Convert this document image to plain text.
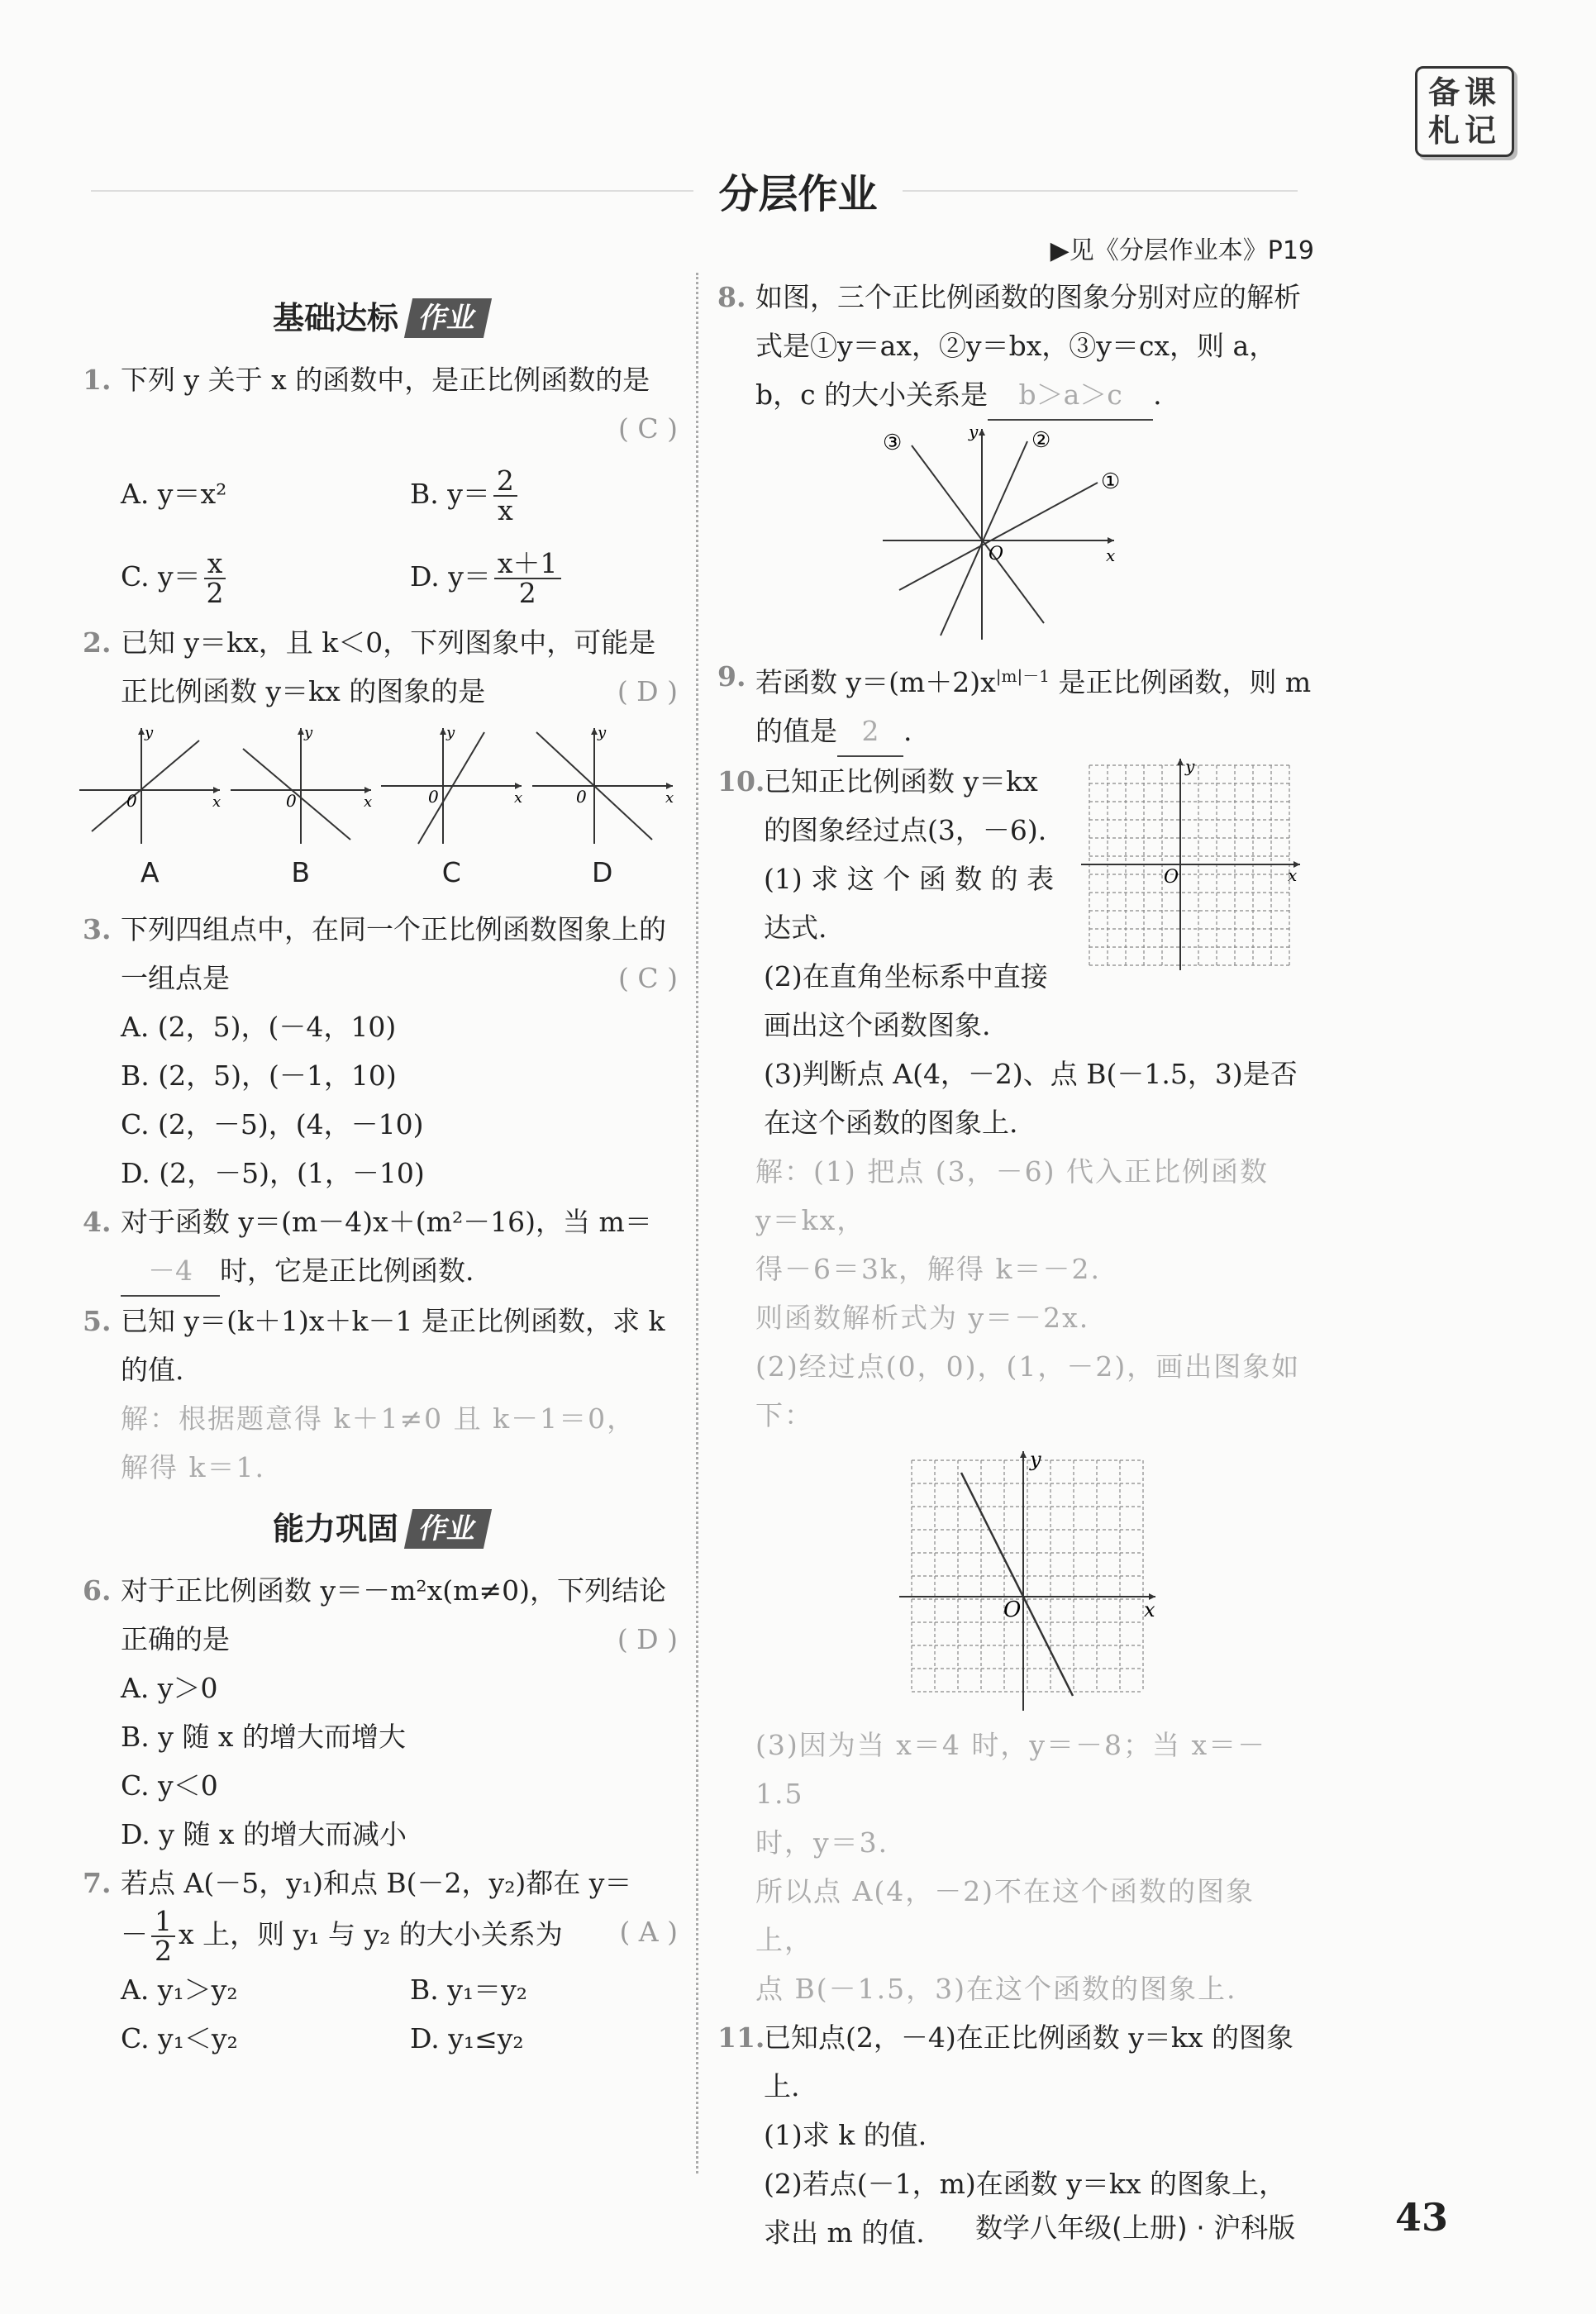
备课
札记
分层作业
▶见《分层作业本》P19
基础达标 作业
1. 下列 y 关于 x 的函数中，是正比例函数的是

( C )
A. y＝x²	B. $y= \frac{2}{x}$
C. $y= \frac{x}{2}$	D. $y= \frac{x+1}{2}$
2. 已知 y＝kx，且 k＜0，下列图象中，可能是正比例函数 y＝kx 的图象的是	( D )
y
x
0
A
y
x
0
B
y
x
0
C
y
x
0
D
3. 下列四组点中，在同一个正比例函数图象上的一组点是	( C )
A. (2，5)，(－4，10)
B. (2，5)，(－1，10)
C. (2，－5)，(4，－10)
D. (2，－5)，(1，－10)
4. 对于函数 y＝(m－4)x＋(m²－16)，当 m＝－4 时，它是正比例函数.
5. 已知 y＝(k＋1)x＋k－1 是正比例函数，求 k 的值.
解：根据题意得 k＋1≠0 且 k－1＝0，
解得 k＝1.
能力巩固 作业
6. 对于正比例函数 y＝－m²x(m≠0)，下列结论正确的是	( D )
A. y＞0
B. y 随 x 的增大而增大
C. y＜0
D. y 随 x 的增大而减小
7. 若点 A(－5，y₁)和点 B(－2，y₂)都在 y＝
－ $\frac{1}{2}$ x 上，则 y₁ 与 y₂ 的大小关系为 ( A )
A. y₁＞y₂	B. y₁＝y₂
C. y₁＜y₂	D. y₁≤y₂
8. 如图，三个正比例函数的图象分别对应的解析式是①y＝ax，②y＝bx，③y＝cx，则 a，b，c 的大小关系是 b＞a＞c .
①
②
③	y
x
O
9. 若函数 $y=(m+2)x^{|m|-1}$ 是正比例函数，则 m 的值是 2 .
10.
已知正比例函数 y＝kx
的图象经过点(3，－6).
(1) 求 这 个 函 数 的 表
达式.
(2)在直角坐标系中直接
画出这个函数图象.
(3)判断点 A(4，－2)、点 B(－1.5，3)是否在这个函数的图象上.
y
x
O
解：(1) 把点 (3，－6) 代入正比例函数
y＝kx，
得－6＝3k，解得 k＝－2.
则函数解析式为 y＝－2x.
(2)经过点(0，0)，(1，－2)，画出图象如下：
y
x
O
(3)因为当 x＝4 时，y＝－8；当 x＝－1.5
时，y＝3.
所以点 A(4，－2)不在这个函数的图象上，
点 B(－1.5，3)在这个函数的图象上.
11.
已知点(2，－4)在正比例函数 y＝kx 的图象上.
(1)求 k 的值.
(2)若点(－1，m)在函数 y＝kx 的图象上，求出 m 的值.	数学八年级(上册) · 沪科版	43
